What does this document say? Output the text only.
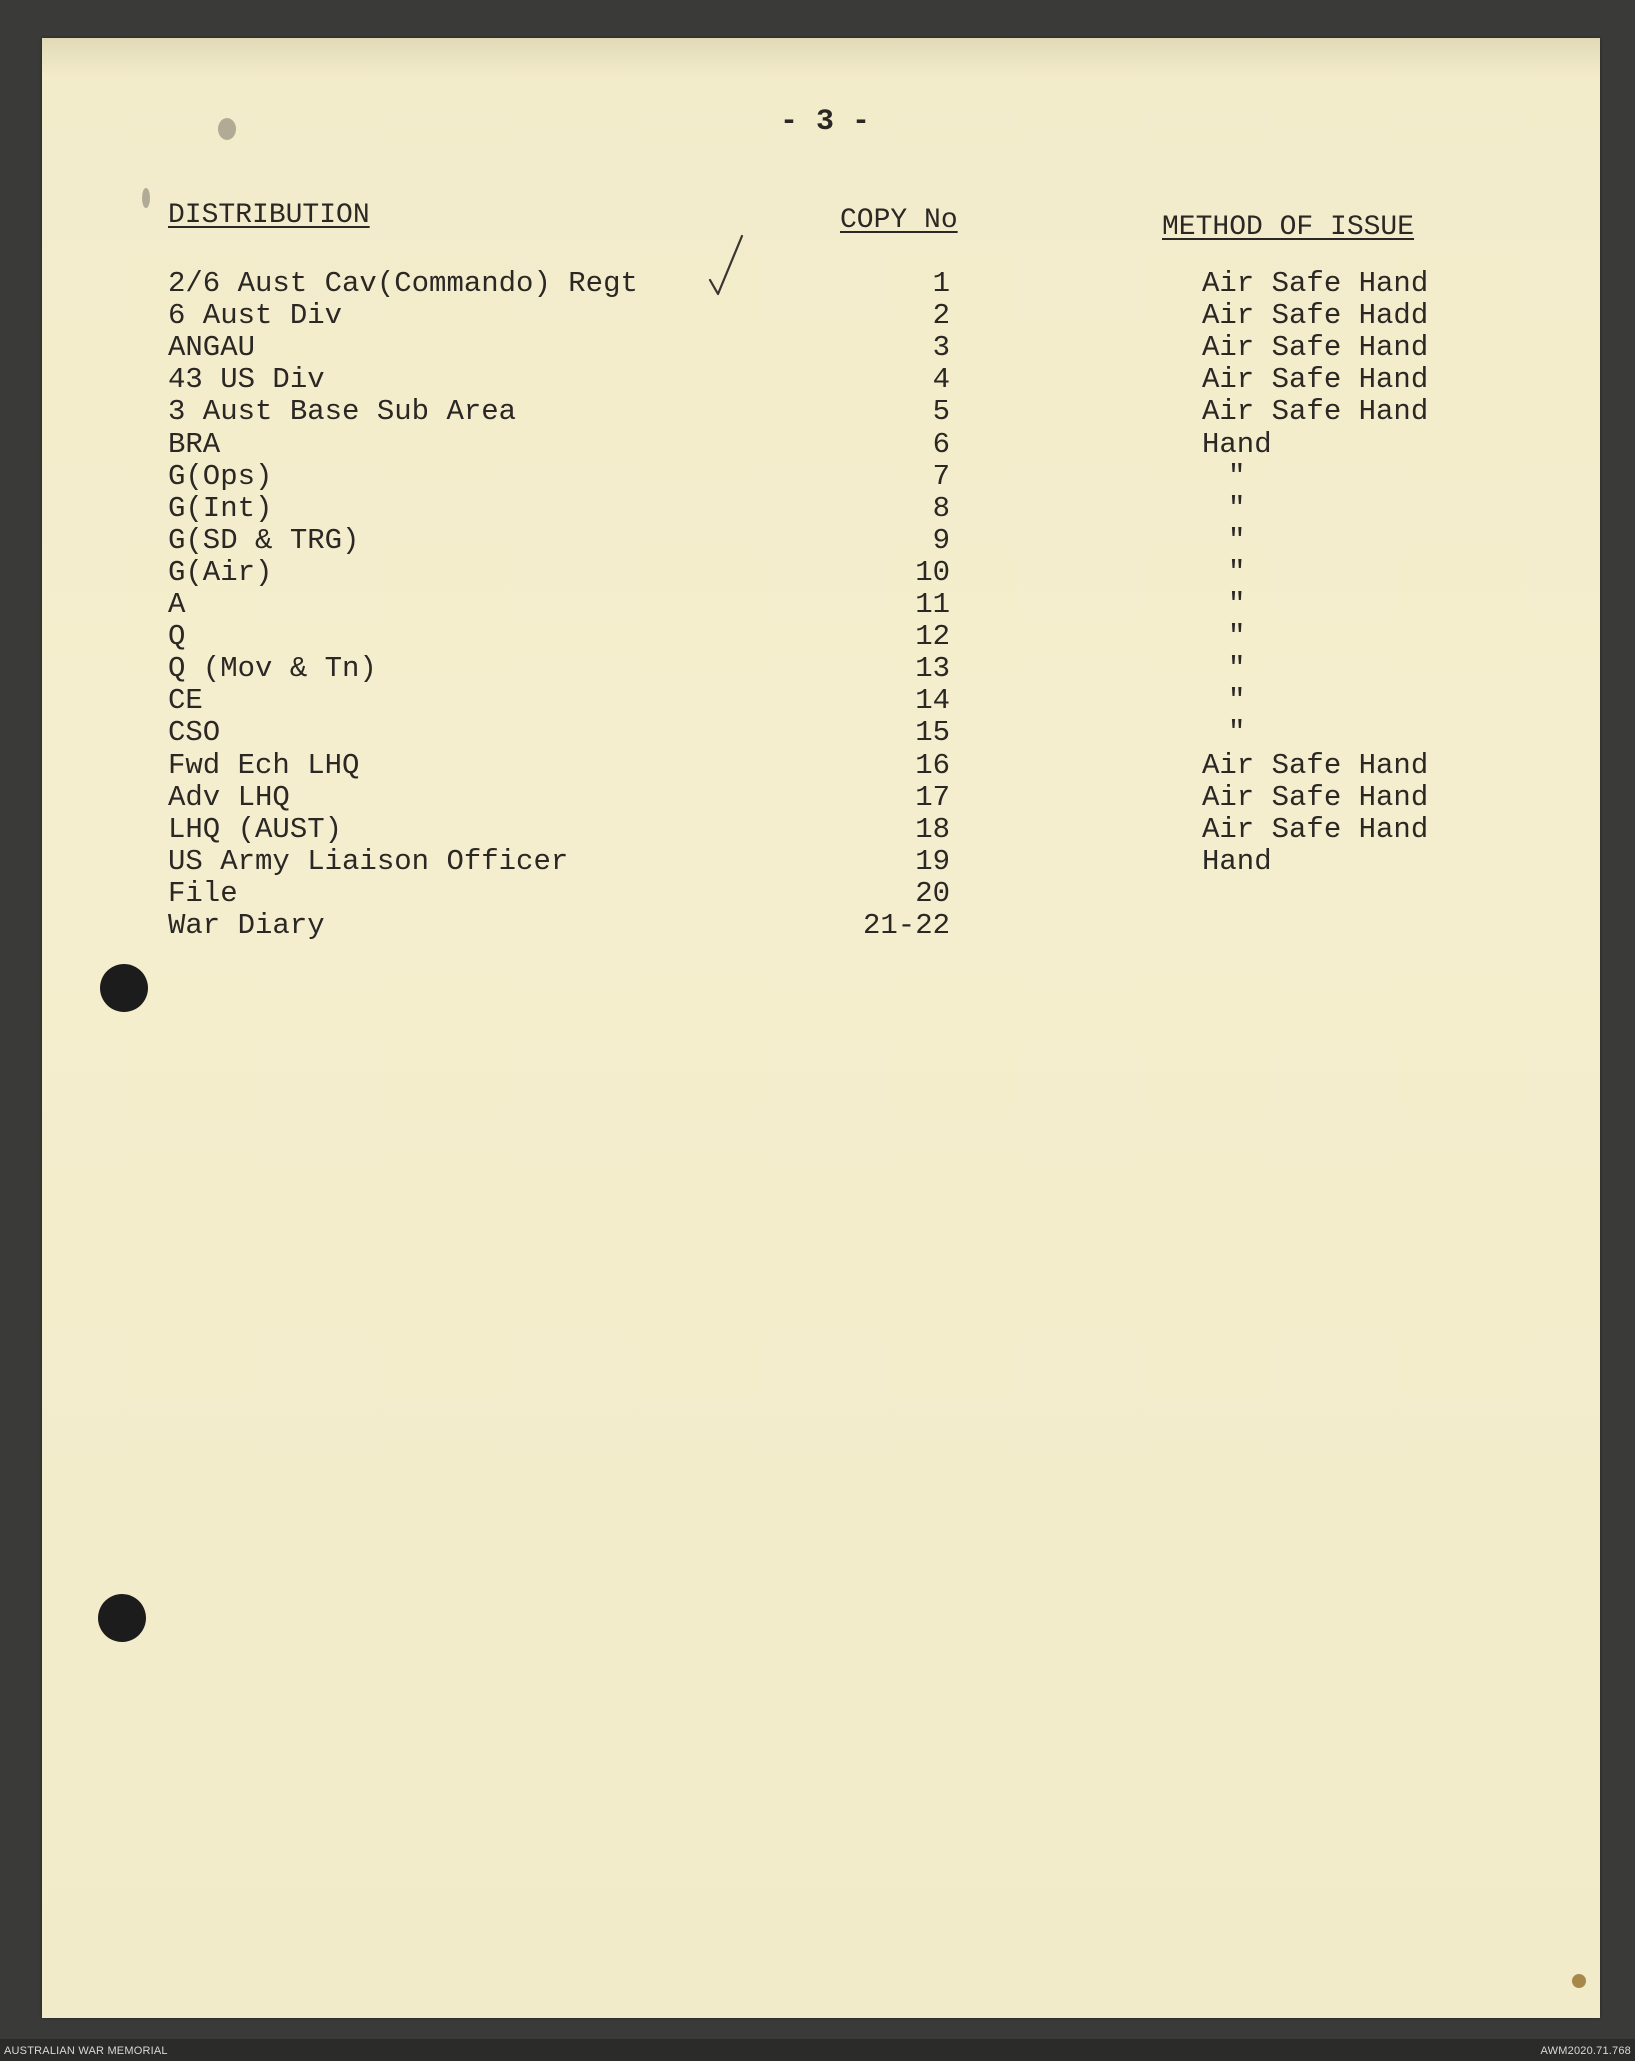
- 3 -
DISTRIBUTION	COPY No	METHOD OF ISSUE
2/6 Aust Cav(Commando) Regt	1	Air Safe Hand
6 Aust Div	2	Air Safe Hadd
ANGAU	3	Air Safe Hand
43 US Div	4	Air Safe Hand
3 Aust Base Sub Area	5	Air Safe Hand
BRA	6	Hand
G(Ops)	7	"
G(Int)	8	"
G(SD & TRG)	9	"
G(Air)	10	"
A	11	"
Q	12	"
Q (Mov & Tn)	13	"
CE	14	"
CSO	15	"
Fwd Ech LHQ	16	Air Safe Hand
Adv LHQ	17	Air Safe Hand
LHQ (AUST)	18	Air Safe Hand
US Army Liaison Officer	19	Hand
File	20
War Diary	21-22
AUSTRALIAN WAR MEMORIAL	AWM2020.71.768
